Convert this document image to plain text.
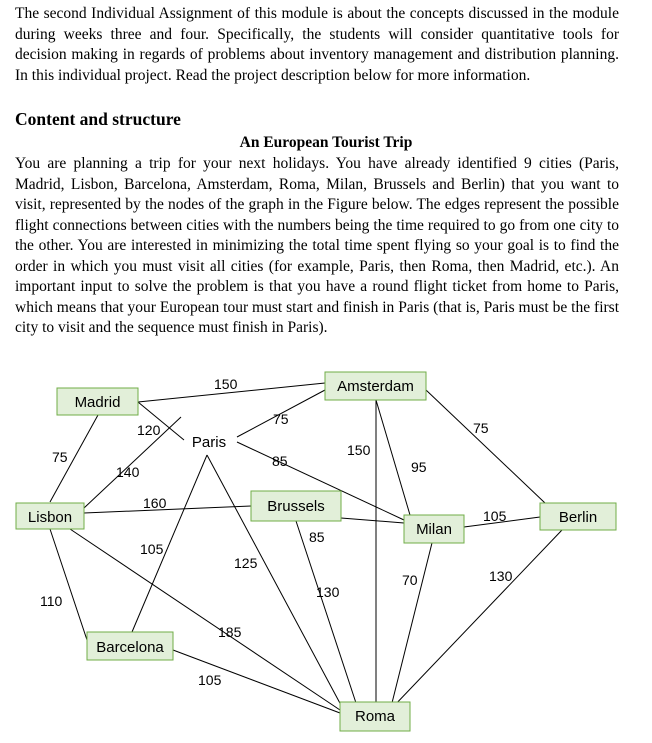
The second Individual Assignment of this module is about the concepts discussed in the module during weeks three and four. Specifically, the students will consider quantitative tools for decision making in regards of problems about inventory management and distribution planning. In this individual project. Read the project description below for more information.
Content and structure
An European Tourist Trip
You are planning a trip for your next holidays. You have already identified 9 cities (Paris, Madrid, Lisbon, Barcelona, Amsterdam, Roma, Milan, Brussels and Berlin) that you want to visit, represented by the nodes of the graph in the Figure below. The edges represent the possible flight connections between cities with the numbers being the time required to go from one city to the other. You are interested in minimizing the total time spent flying so your goal is to find the order in which you must visit all cities (for example, Paris, then Roma, then Madrid, etc.). An important input to solve the problem is that you have a round flight ticket from home to Paris, which means that your European tour must start and finish in Paris (that is, Paris must be the first city to visit and the sequence must finish in Paris).
150
120
75
140
75
85
160
150
95
75
105
125
85
130
105
70	130
110
185
105
Madrid
Amsterdam
Paris
Lisbon
Brussels
Milan
Berlin
Barcelona
Roma
